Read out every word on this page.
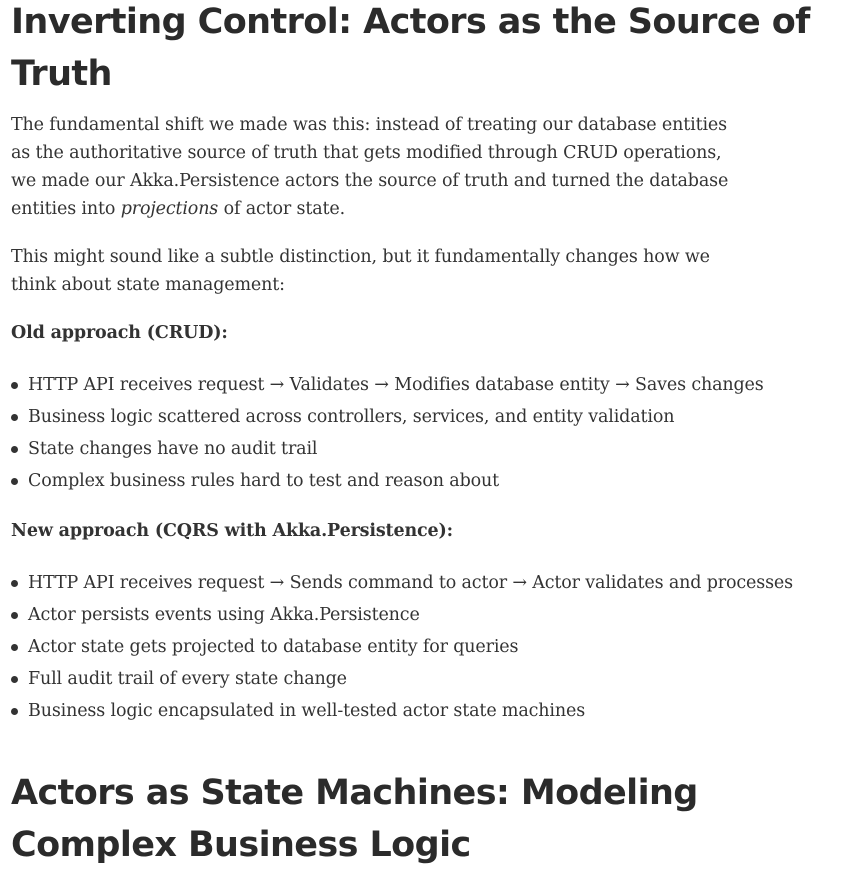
Inverting Control: Actors as the Source of Truth

The fundamental shift we made was this: instead of treating our database entities as the authoritative source of truth that gets modified through CRUD operations, we made our Akka.Persistence actors the source of truth and turned the database entities into projections of actor state.

This might sound like a subtle distinction, but it fundamentally changes how we think about state management:

Old approach (CRUD):

HTTP API receives request → Validates → Modifies database entity → Saves changes
Business logic scattered across controllers, services, and entity validation
State changes have no audit trail
Complex business rules hard to test and reason about

New approach (CQRS with Akka.Persistence):

HTTP API receives request → Sends command to actor → Actor validates and processes
Actor persists events using Akka.Persistence
Actor state gets projected to database entity for queries
Full audit trail of every state change
Business logic encapsulated in well-tested actor state machines
Actors as State Machines: Modeling Complex Business Logic
